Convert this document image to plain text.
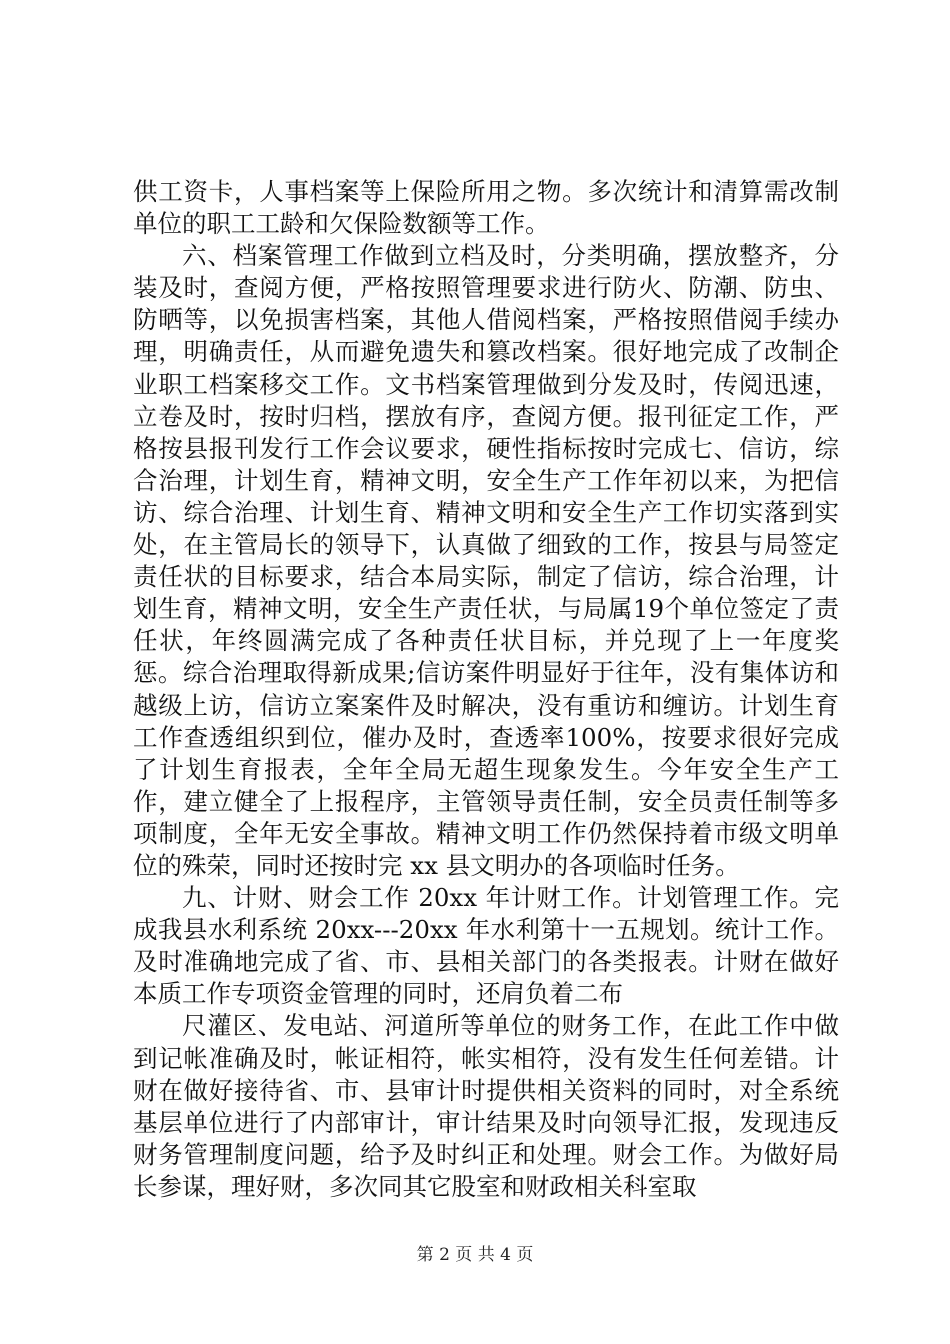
供工资卡，人事档案等上保险所用之物。多次统计和清算需改制单位的职工工龄和欠保险数额等工作。

六、档案管理工作做到立档及时，分类明确，摆放整齐，分装及时，查阅方便，严格按照管理要求进行防火、防潮、防虫、防晒等，以免损害档案，其他人借阅档案，严格按照借阅手续办理，明确责任，从而避免遗失和篡改档案。很好地完成了改制企业职工档案移交工作。文书档案管理做到分发及时，传阅迅速，立卷及时，按时归档，摆放有序，查阅方便。报刊征定工作，严格按县报刊发行工作会议要求，硬性指标按时完成七、信访，综合治理，计划生育，精神文明，安全生产工作年初以来，为把信访、综合治理、计划生育、精神文明和安全生产工作切实落到实处，在主管局长的领导下，认真做了细致的工作，按县与局签定责任状的目标要求，结合本局实际，制定了信访，综合治理，计划生育，精神文明，安全生产责任状，与局属19个单位签定了责任状，年终圆满完成了各种责任状目标，并兑现了上一年度奖惩。综合治理取得新成果;信访案件明显好于往年，没有集体访和越级上访，信访立案案件及时解决，没有重访和缠访。计划生育工作查透组织到位，催办及时，查透率100%，按要求很好完成了计划生育报表，全年全局无超生现象发生。今年安全生产工作，建立健全了上报程序，主管领导责任制，安全员责任制等多项制度，全年无安全事故。精神文明工作仍然保持着市级文明单位的殊荣，同时还按时完 xx 县文明办的各项临时任务。

九、计财、财会工作 20xx 年计财工作。计划管理工作。完成我县水利系统 20xx---20xx 年水利第十一五规划。统计工作。及时准确地完成了省、市、县相关部门的各类报表。计财在做好本质工作专项资金管理的同时，还肩负着二布

尺灌区、发电站、河道所等单位的财务工作，在此工作中做到记帐准确及时，帐证相符，帐实相符，没有发生任何差错。计财在做好接待省、市、县审计时提供相关资料的同时，对全系统基层单位进行了内部审计，审计结果及时向领导汇报，发现违反财务管理制度问题，给予及时纠正和处理。财会工作。为做好局长参谋，理好财，多次同其它股室和财政相关科室取

第 2 页 共 4 页
